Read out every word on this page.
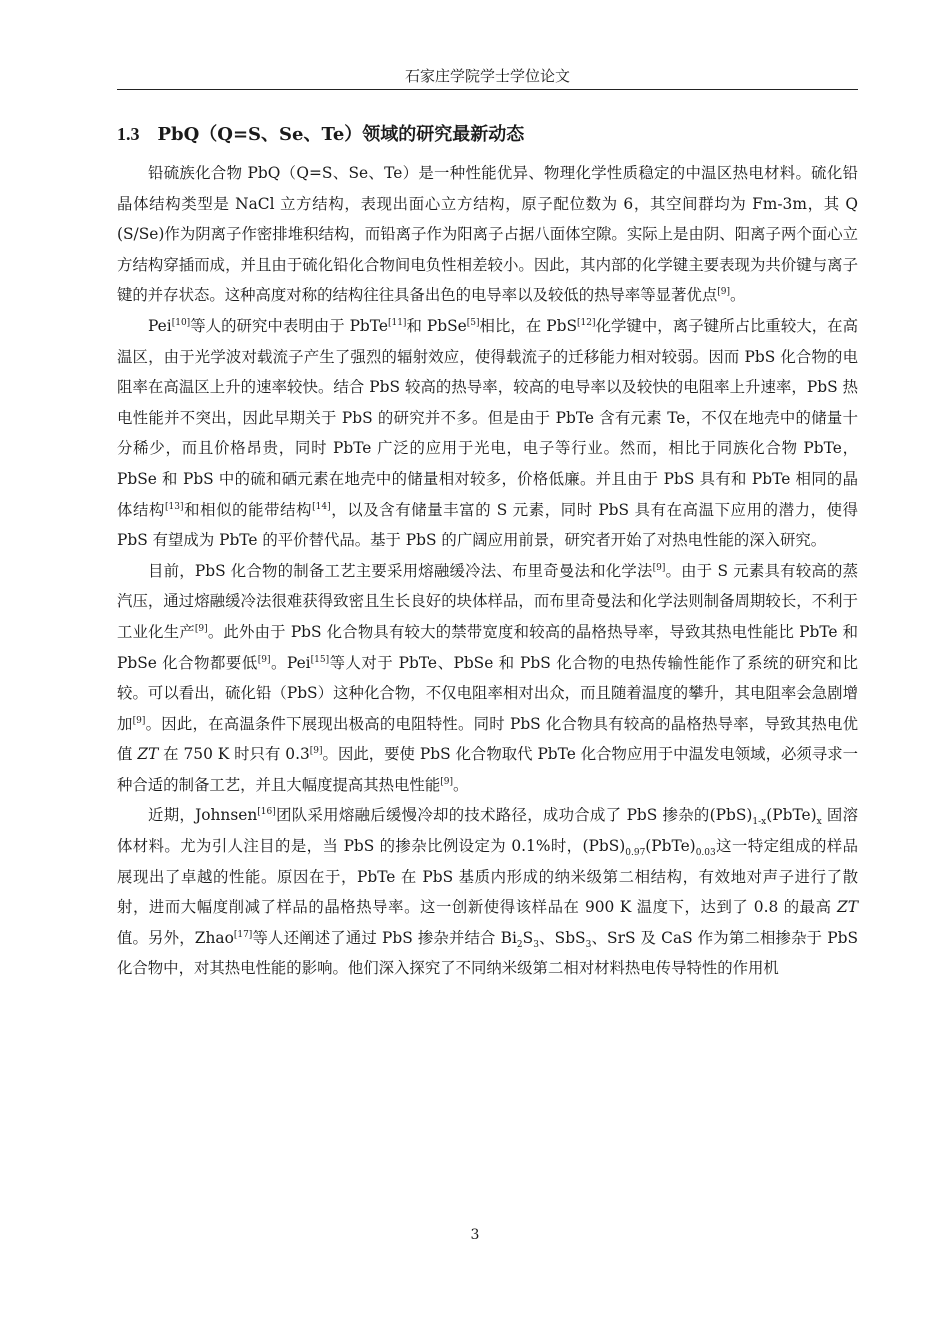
石家庄学院学士学位论文
1.3 PbQ（Q=S、Se、Te）领域的研究最新动态

铅硫族化合物 PbQ（Q=S、Se、Te）是一种性能优异、物理化学性质稳定的中温区热电材料。硫化铅晶体结构类型是 NaCl 立方结构，表现出面心立方结构，原子配位数为 6，其空间群均为 Fm-3m，其 Q (S/Se)作为阴离子作密排堆积结构，而铅离子作为阳离子占据八面体空隙。实际上是由阴、阳离子两个面心立方结构穿插而成，并且由于硫化铅化合物间电负性相差较小。因此，其内部的化学键主要表现为共价键与离子键的并存状态。这种高度对称的结构往往具备出色的电导率以及较低的热导率等显著优点[9]。

Pei[10]等人的研究中表明由于 PbTe[11]和 PbSe[5]相比，在 PbS[12]化学键中，离子键所占比重较大，在高温区，由于光学波对载流子产生了强烈的辐射效应，使得载流子的迁移能力相对较弱。因而 PbS 化合物的电阻率在高温区上升的速率较快。结合 PbS 较高的热导率，较高的电导率以及较快的电阻率上升速率，PbS 热电性能并不突出，因此早期关于 PbS 的研究并不多。但是由于 PbTe 含有元素 Te，不仅在地壳中的储量十分稀少，而且价格昂贵，同时 PbTe 广泛的应用于光电，电子等行业。然而，相比于同族化合物 PbTe，PbSe 和 PbS 中的硫和硒元素在地壳中的储量相对较多，价格低廉。并且由于 PbS 具有和 PbTe 相同的晶体结构[13]和相似的能带结构[14]，以及含有储量丰富的 S 元素，同时 PbS 具有在高温下应用的潜力，使得 PbS 有望成为 PbTe 的平价替代品。基于 PbS 的广阔应用前景，研究者开始了对热电性能的深入研究。

目前，PbS 化合物的制备工艺主要采用熔融缓冷法、布里奇曼法和化学法[9]。由于 S 元素具有较高的蒸汽压，通过熔融缓冷法很难获得致密且生长良好的块体样品，而布里奇曼法和化学法则制备周期较长，不利于工业化生产[9]。此外由于 PbS 化合物具有较大的禁带宽度和较高的晶格热导率，导致其热电性能比 PbTe 和 PbSe 化合物都要低[9]。Pei[15]等人对于 PbTe、PbSe 和 PbS 化合物的电热传输性能作了系统的研究和比较。可以看出，硫化铅（PbS）这种化合物，不仅电阻率相对出众，而且随着温度的攀升，其电阻率会急剧增加[9]。因此，在高温条件下展现出极高的电阻特性。同时 PbS 化合物具有较高的晶格热导率，导致其热电优值 ZT 在 750 K 时只有 0.3[9]。因此，要使 PbS 化合物取代 PbTe 化合物应用于中温发电领域，必须寻求一种合适的制备工艺，并且大幅度提高其热电性能[9]。

近期，Johnsen[16]团队采用熔融后缓慢冷却的技术路径，成功合成了 PbS 掺杂的$(PbS)_{1-x}(PbTe)_x$ 固溶体材料。尤为引人注目的是，当 PbS 的掺杂比例设定为 0.1%时，$(PbS)_{0.97}(PbTe)_{0.03}$这一特定组成的样品展现出了卓越的性能。原因在于，PbTe 在 PbS 基质内形成的纳米级第二相结构，有效地对声子进行了散射，进而大幅度削减了样品的晶格热导率。这一创新使得该样品在 900 K 温度下，达到了 0.8 的最高 ZT 值。另外，Zhao[17]等人还阐述了通过 PbS 掺杂并结合 $Bi_2S_3$、SbS$_3$、SrS 及 CaS 作为第二相掺杂于 PbS 化合物中，对其热电性能的影响。他们深入探究了不同纳米级第二相对材料热电传导特性的作用机

3
